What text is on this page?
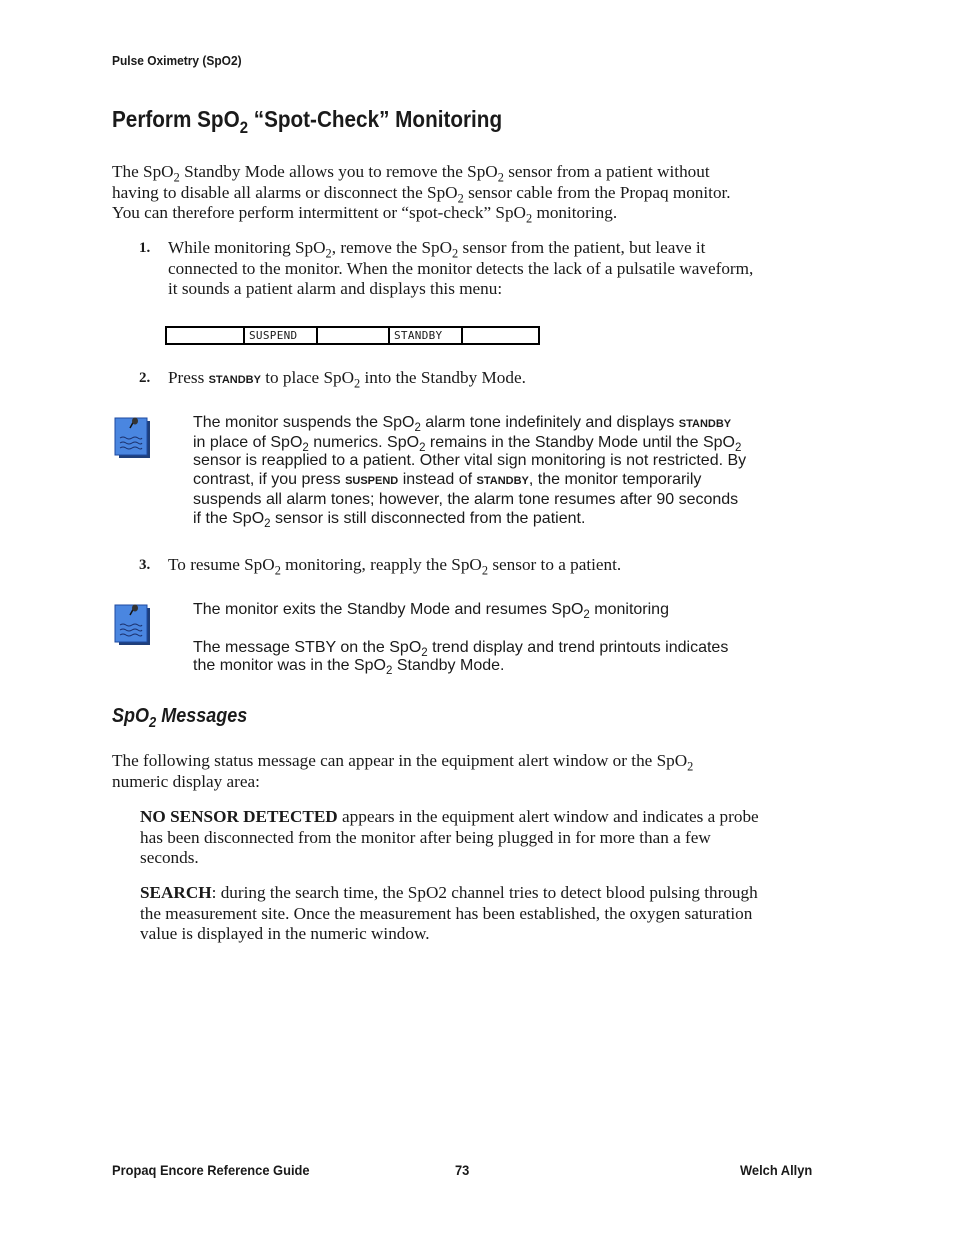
Pulse Oximetry (SpO2)
Perform SpO$_2$ “Spot-Check” Monitoring
The SpO$_2$ Standby Mode allows you to remove the SpO$_2$ sensor from a patient without
having to disable all alarms or disconnect the SpO$_2$ sensor cable from the Propaq monitor.
You can therefore perform intermittent or “spot-check” SpO$_2$ monitoring.
1. While monitoring SpO$_2$, remove the SpO$_2$ sensor from the patient, but leave it
connected to the monitor. When the monitor detects the lack of a pulsatile waveform,
it sounds a patient alarm and displays this menu:
SUSPEND	STANDBY
2. Press STANDBY to place SpO$_2$ into the Standby Mode.
The monitor suspends the SpO$_2$ alarm tone indefinitely and displays STANDBY
in place of SpO$_2$ numerics. SpO$_2$ remains in the Standby Mode until the SpO$_2$
sensor is reapplied to a patient. Other vital sign monitoring is not restricted. By
contrast, if you press SUSPEND instead of STANDBY, the monitor temporarily
suspends all alarm tones; however, the alarm tone resumes after 90 seconds
if the SpO$_2$ sensor is still disconnected from the patient.
3. To resume SpO$_2$ monitoring, reapply the SpO$_2$ sensor to a patient.
The monitor exits the Standby Mode and resumes SpO$_2$ monitoring
The message STBY on the SpO$_2$ trend display and trend printouts indicates
the monitor was in the SpO$_2$ Standby Mode.
SpO$_2$ Messages
The following status message can appear in the equipment alert window or the SpO$_2$
numeric display area:
NO SENSOR DETECTED appears in the equipment alert window and indicates a probe
has been disconnected from the monitor after being plugged in for more than a few
seconds.
SEARCH: during the search time, the SpO2 channel tries to detect blood pulsing through
the measurement site. Once the measurement has been established, the oxygen saturation
value is displayed in the numeric window.
Propaq Encore Reference Guide	73	Welch Allyn
